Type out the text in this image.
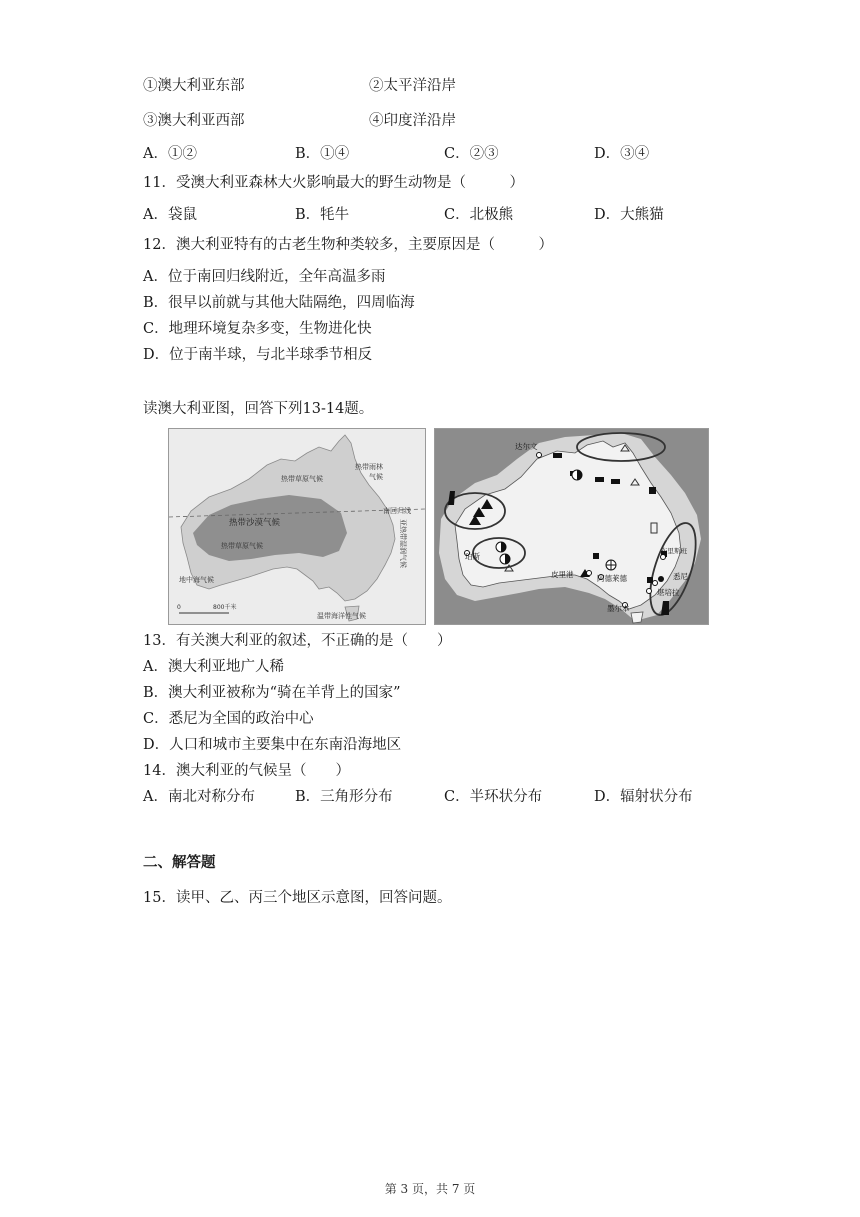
①澳大利亚东部	②太平洋沿岸
③澳大利亚西部	④印度洋沿岸
A．①②	B．①④	C．②③	D．③④
11．受澳大利亚森林大火影响最大的野生动物是（　　　）
A．袋鼠	B．牦牛	C．北极熊	D．大熊猫
12．澳大利亚特有的古老生物种类较多，主要原因是（　　　）
A．位于南回归线附近，全年高温多雨
B．很早以前就与其他大陆隔绝，四周临海
C．地理环境复杂多变，生物进化快
D．位于南半球，与北半球季节相反
读澳大利亚图，回答下列13-14题。
热带草原气候
热带雨林
气候
南回归线
热带沙漠气候
热带草原气候
地中海气候
温带海洋性气候
亚热带湿润气候
0	800千米
达尔文
珀斯
皮里港	阿德莱德
布里斯班
悉尼
堪培拉
墨尔本
13．有关澳大利亚的叙述，不正确的是（　　）
A．澳大利亚地广人稀
B．澳大利亚被称为“骑在羊背上的国家”
C．悉尼为全国的政治中心
D．人口和城市主要集中在东南沿海地区
14．澳大利亚的气候呈（　　）
A．南北对称分布	B．三角形分布	C．半环状分布	D．辐射状分布
二、解答题
15．读甲、乙、丙三个地区示意图，回答问题。
第 3 页，共 7 页
